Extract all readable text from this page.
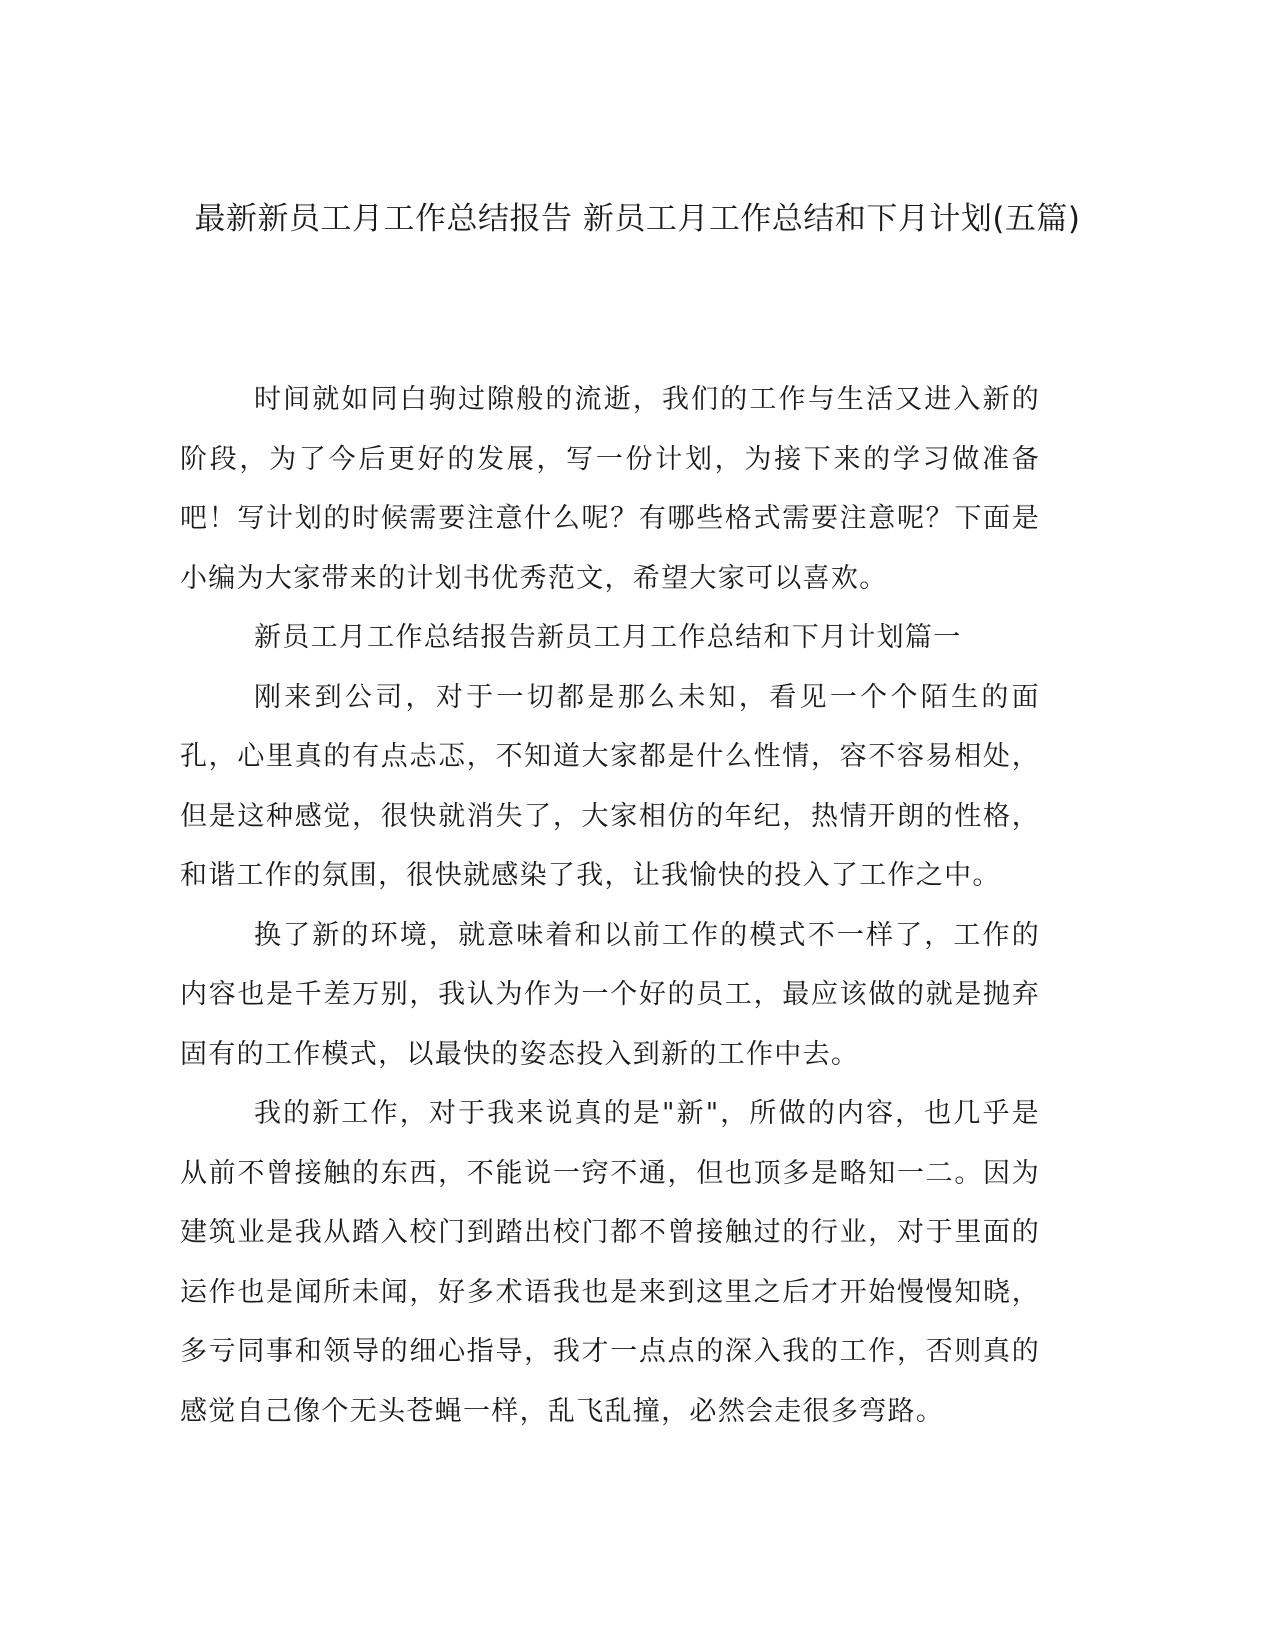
最新新员工月工作总结报告 新员工月工作总结和下月计划(五篇)

时间就如同白驹过隙般的流逝，我们的工作与生活又进入新的阶段，为了今后更好的发展，写一份计划，为接下来的学习做准备吧！写计划的时候需要注意什么呢？有哪些格式需要注意呢？下面是小编为大家带来的计划书优秀范文，希望大家可以喜欢。

新员工月工作总结报告新员工月工作总结和下月计划篇一

刚来到公司，对于一切都是那么未知，看见一个个陌生的面孔，心里真的有点忐忑，不知道大家都是什么性情，容不容易相处，但是这种感觉，很快就消失了，大家相仿的年纪，热情开朗的性格，和谐工作的氛围，很快就感染了我，让我愉快的投入了工作之中。

换了新的环境，就意味着和以前工作的模式不一样了，工作的内容也是千差万别，我认为作为一个好的员工，最应该做的就是抛弃固有的工作模式，以最快的姿态投入到新的工作中去。

我的新工作，对于我来说真的是"新"，所做的内容，也几乎是从前不曾接触的东西，不能说一窍不通，但也顶多是略知一二。因为建筑业是我从踏入校门到踏出校门都不曾接触过的行业，对于里面的运作也是闻所未闻，好多术语我也是来到这里之后才开始慢慢知晓，多亏同事和领导的细心指导，我才一点点的深入我的工作，否则真的感觉自己像个无头苍蝇一样，乱飞乱撞，必然会走很多弯路。
